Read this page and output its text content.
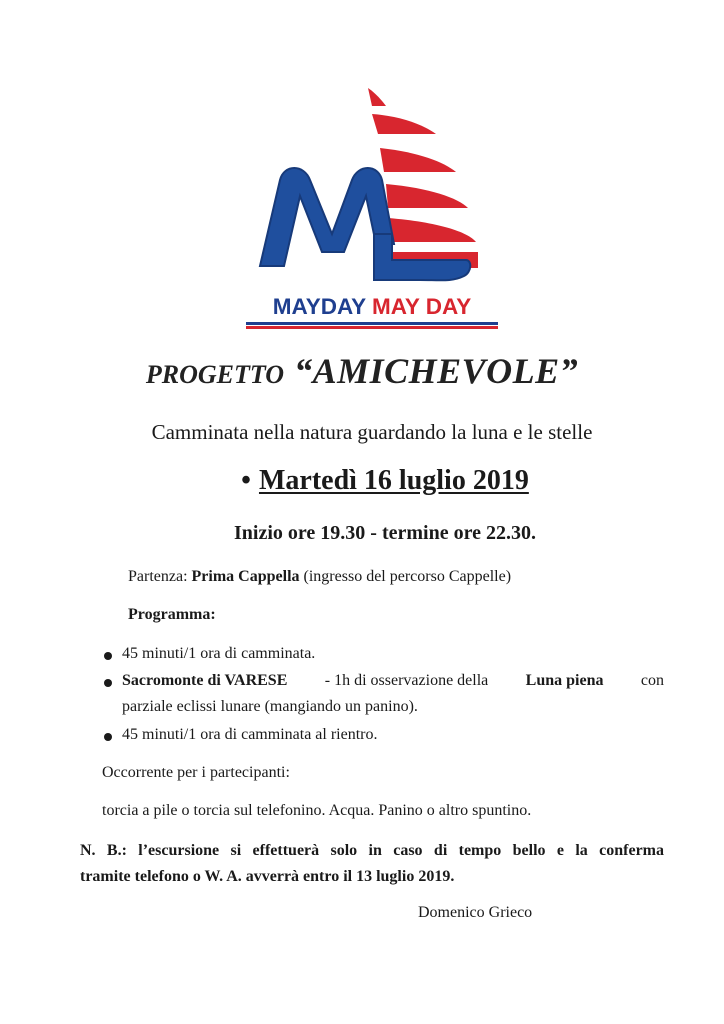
MAYDAY MAY DAY
PROGETTO “AMICHEVOLE”
Camminata nella natura guardando la luna e le stelle
• Martedì 16 luglio 2019
Inizio ore 19.30 - termine ore 22.30.
Partenza: Prima Cappella (ingresso del percorso Cappelle)
Programma:
45 minuti/1 ora di camminata.
Sacromonte di VARESE - 1h di osservazione della Luna piena con
parziale eclissi lunare (mangiando un panino).
45 minuti/1 ora di camminata al rientro.
Occorrente per i partecipanti:
torcia a pile o torcia sul telefonino. Acqua. Panino o altro spuntino.
N. B.: l’escursione si effettuerà solo in caso di tempo bello e la conferma
tramite telefono o W. A. avverrà entro il 13 luglio 2019.
Domenico Grieco
